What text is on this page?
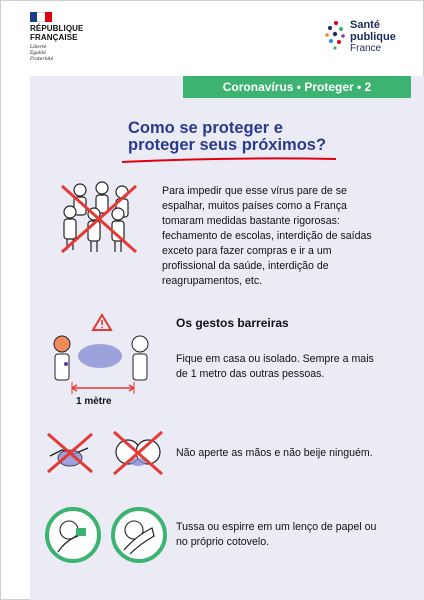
RÉPUBLIQUE
FRANÇAISE
Liberté
Égalité
Fraternité
Santé
publique
France
Coronavírus • Proteger • 2
Como se proteger e
proteger seus próximos?
Para impedir que esse vírus pare de se espalhar, muitos países como a França tomaram medidas bastante rigorosas: fechamento de escolas, interdição de saídas exceto para fazer compras e ir a um profissional da saúde, interdição de reagrupamentos, etc.
1 mètre
Os gestos barreiras
Fique em casa ou isolado. Sempre a mais de 1 metro das outras pessoas.
Não aperte as mãos e não beije ninguém.
Tussa ou espirre em um lenço de papel ou no próprio cotovelo.
